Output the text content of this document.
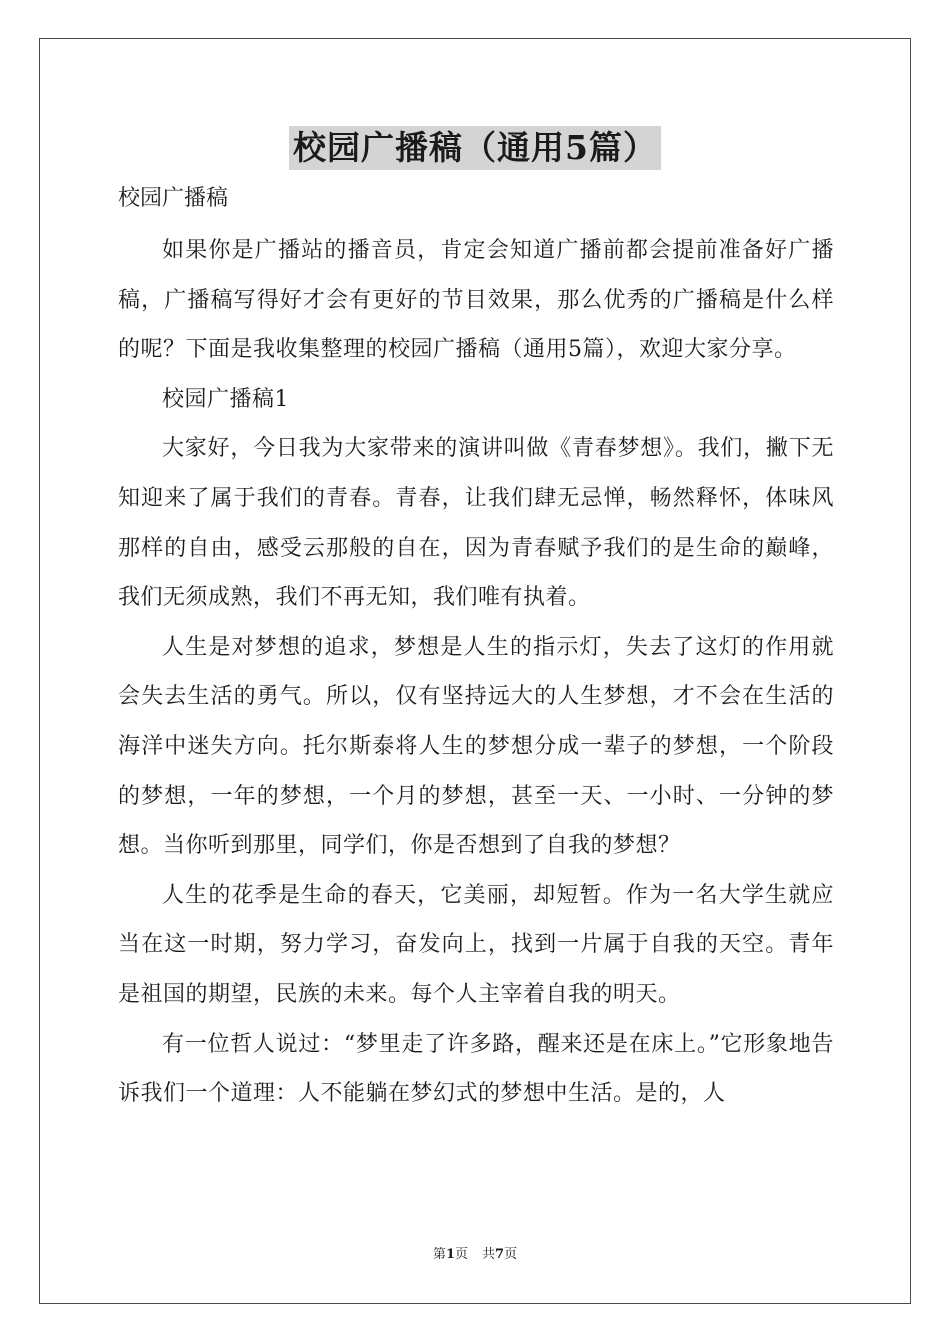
校园广播稿（通用5篇）
校园广播稿

如果你是广播站的播音员，肯定会知道广播前都会提前准备好广播稿，广播稿写得好才会有更好的节目效果，那么优秀的广播稿是什么样的呢？下面是我收集整理的校园广播稿（通用5篇），欢迎大家分享。

校园广播稿1

大家好，今日我为大家带来的演讲叫做《青春梦想》。我们，撇下无知迎来了属于我们的青春。青春，让我们肆无忌惮，畅然释怀，体味风那样的自由，感受云那般的自在，因为青春赋予我们的是生命的巅峰，我们无须成熟，我们不再无知，我们唯有执着。

人生是对梦想的追求，梦想是人生的指示灯，失去了这灯的作用就会失去生活的勇气。所以，仅有坚持远大的人生梦想，才不会在生活的海洋中迷失方向。托尔斯泰将人生的梦想分成一辈子的梦想，一个阶段的梦想，一年的梦想，一个月的梦想，甚至一天、一小时、一分钟的梦想。当你听到那里，同学们，你是否想到了自我的梦想？

人生的花季是生命的春天，它美丽，却短暂。作为一名大学生就应当在这一时期，努力学习，奋发向上，找到一片属于自我的天空。青年是祖国的期望，民族的未来。每个人主宰着自我的明天。

有一位哲人说过：“梦里走了许多路，醒来还是在床上。”它形象地告诉我们一个道理：人不能躺在梦幻式的梦想中生活。是的，人

第1页 共7页
